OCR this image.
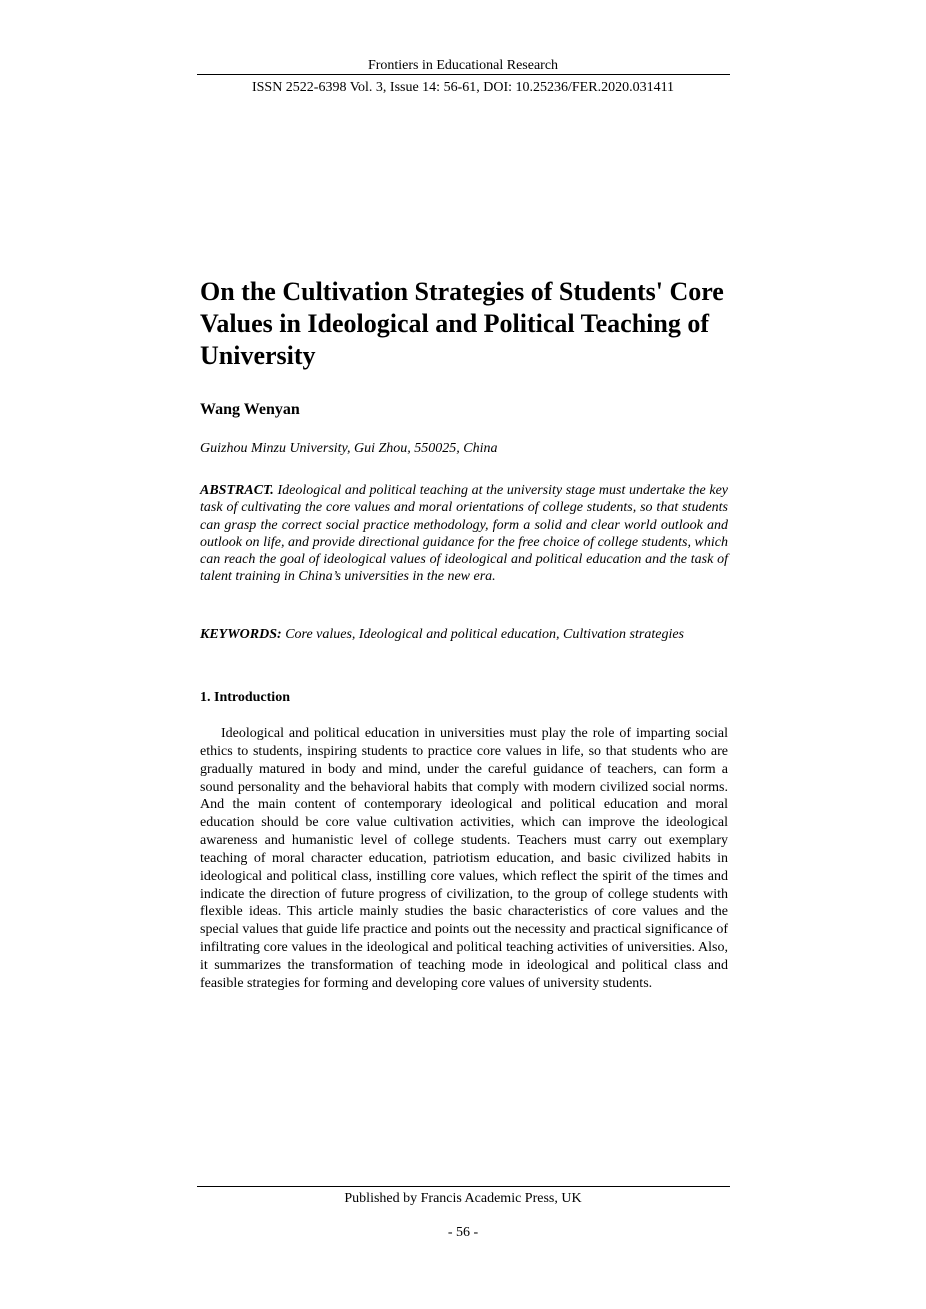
Frontiers in Educational Research
ISSN 2522-6398 Vol. 3, Issue 14: 56-61, DOI: 10.25236/FER.2020.031411
On the Cultivation Strategies of Students' Core Values in Ideological and Political Teaching of University
Wang Wenyan
Guizhou Minzu University, Gui Zhou, 550025, China
ABSTRACT. Ideological and political teaching at the university stage must undertake the key task of cultivating the core values and moral orientations of college students, so that students can grasp the correct social practice methodology, form a solid and clear world outlook and outlook on life, and provide directional guidance for the free choice of college students, which can reach the goal of ideological values of ideological and political education and the task of talent training in China’s universities in the new era.
KEYWORDS: Core values, Ideological and political education, Cultivation strategies
1. Introduction
Ideological and political education in universities must play the role of imparting social ethics to students, inspiring students to practice core values in life, so that students who are gradually matured in body and mind, under the careful guidance of teachers, can form a sound personality and the behavioral habits that comply with modern civilized social norms. And the main content of contemporary ideological and political education and moral education should be core value cultivation activities, which can improve the ideological awareness and humanistic level of college students. Teachers must carry out exemplary teaching of moral character education, patriotism education, and basic civilized habits in ideological and political class, instilling core values, which reflect the spirit of the times and indicate the direction of future progress of civilization, to the group of college students with flexible ideas. This article mainly studies the basic characteristics of core values and the special values that guide life practice and points out the necessity and practical significance of infiltrating core values in the ideological and political teaching activities of universities. Also, it summarizes the transformation of teaching mode in ideological and political class and feasible strategies for forming and developing core values of university students.
Published by Francis Academic Press, UK
- 56 -
